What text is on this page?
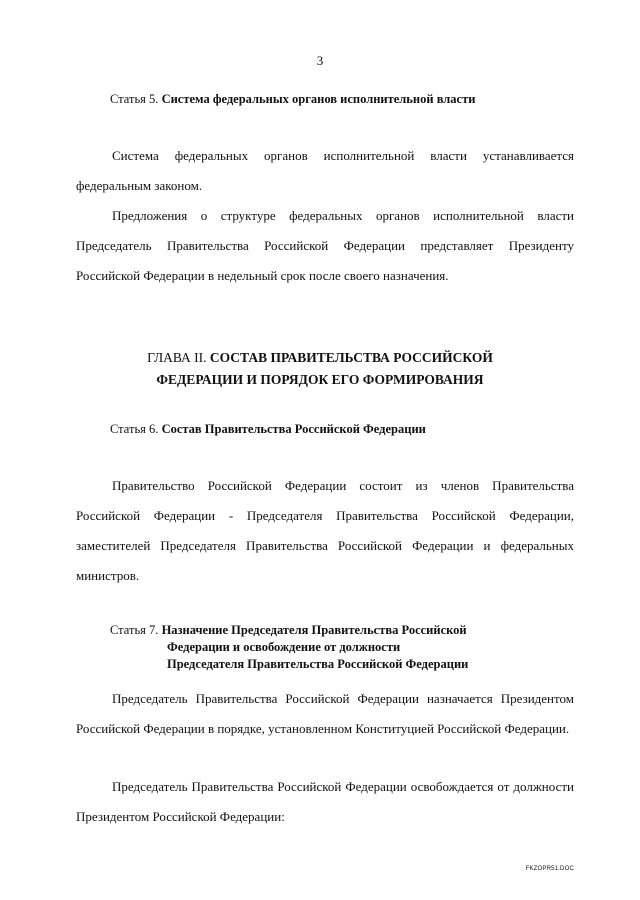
3
Статья 5. Система федеральных органов исполнительной власти

Система федеральных органов исполнительной власти устанавливается федеральным законом.

Предложения о структуре федеральных органов исполнительной власти Председатель Правительства Российской Федерации представляет Президенту Российской Федерации в недельный срок после своего назначения.

ГЛАВА II. СОСТАВ ПРАВИТЕЛЬСТВА РОССИЙСКОЙ
ФЕДЕРАЦИИ И ПОРЯДОК ЕГО ФОРМИРОВАНИЯ
Статья 6. Состав Правительства Российской Федерации

Правительство Российской Федерации состоит из членов Правительства Российской Федерации - Председателя Правительства Российской Федерации, заместителей Председателя Правительства Российской Федерации и федеральных министров.

Статья 7. Назначение Председателя Правительства Российской
Федерации и освобождение от должности
Председателя Правительства Российской Федерации

Председатель Правительства Российской Федерации назначается Президентом Российской Федерации в порядке, установленном Конституцией Российской Федерации.

Председатель Правительства Российской Федерации освобождается от должности Президентом Российской Федерации:

FKZOPR51.DOC
